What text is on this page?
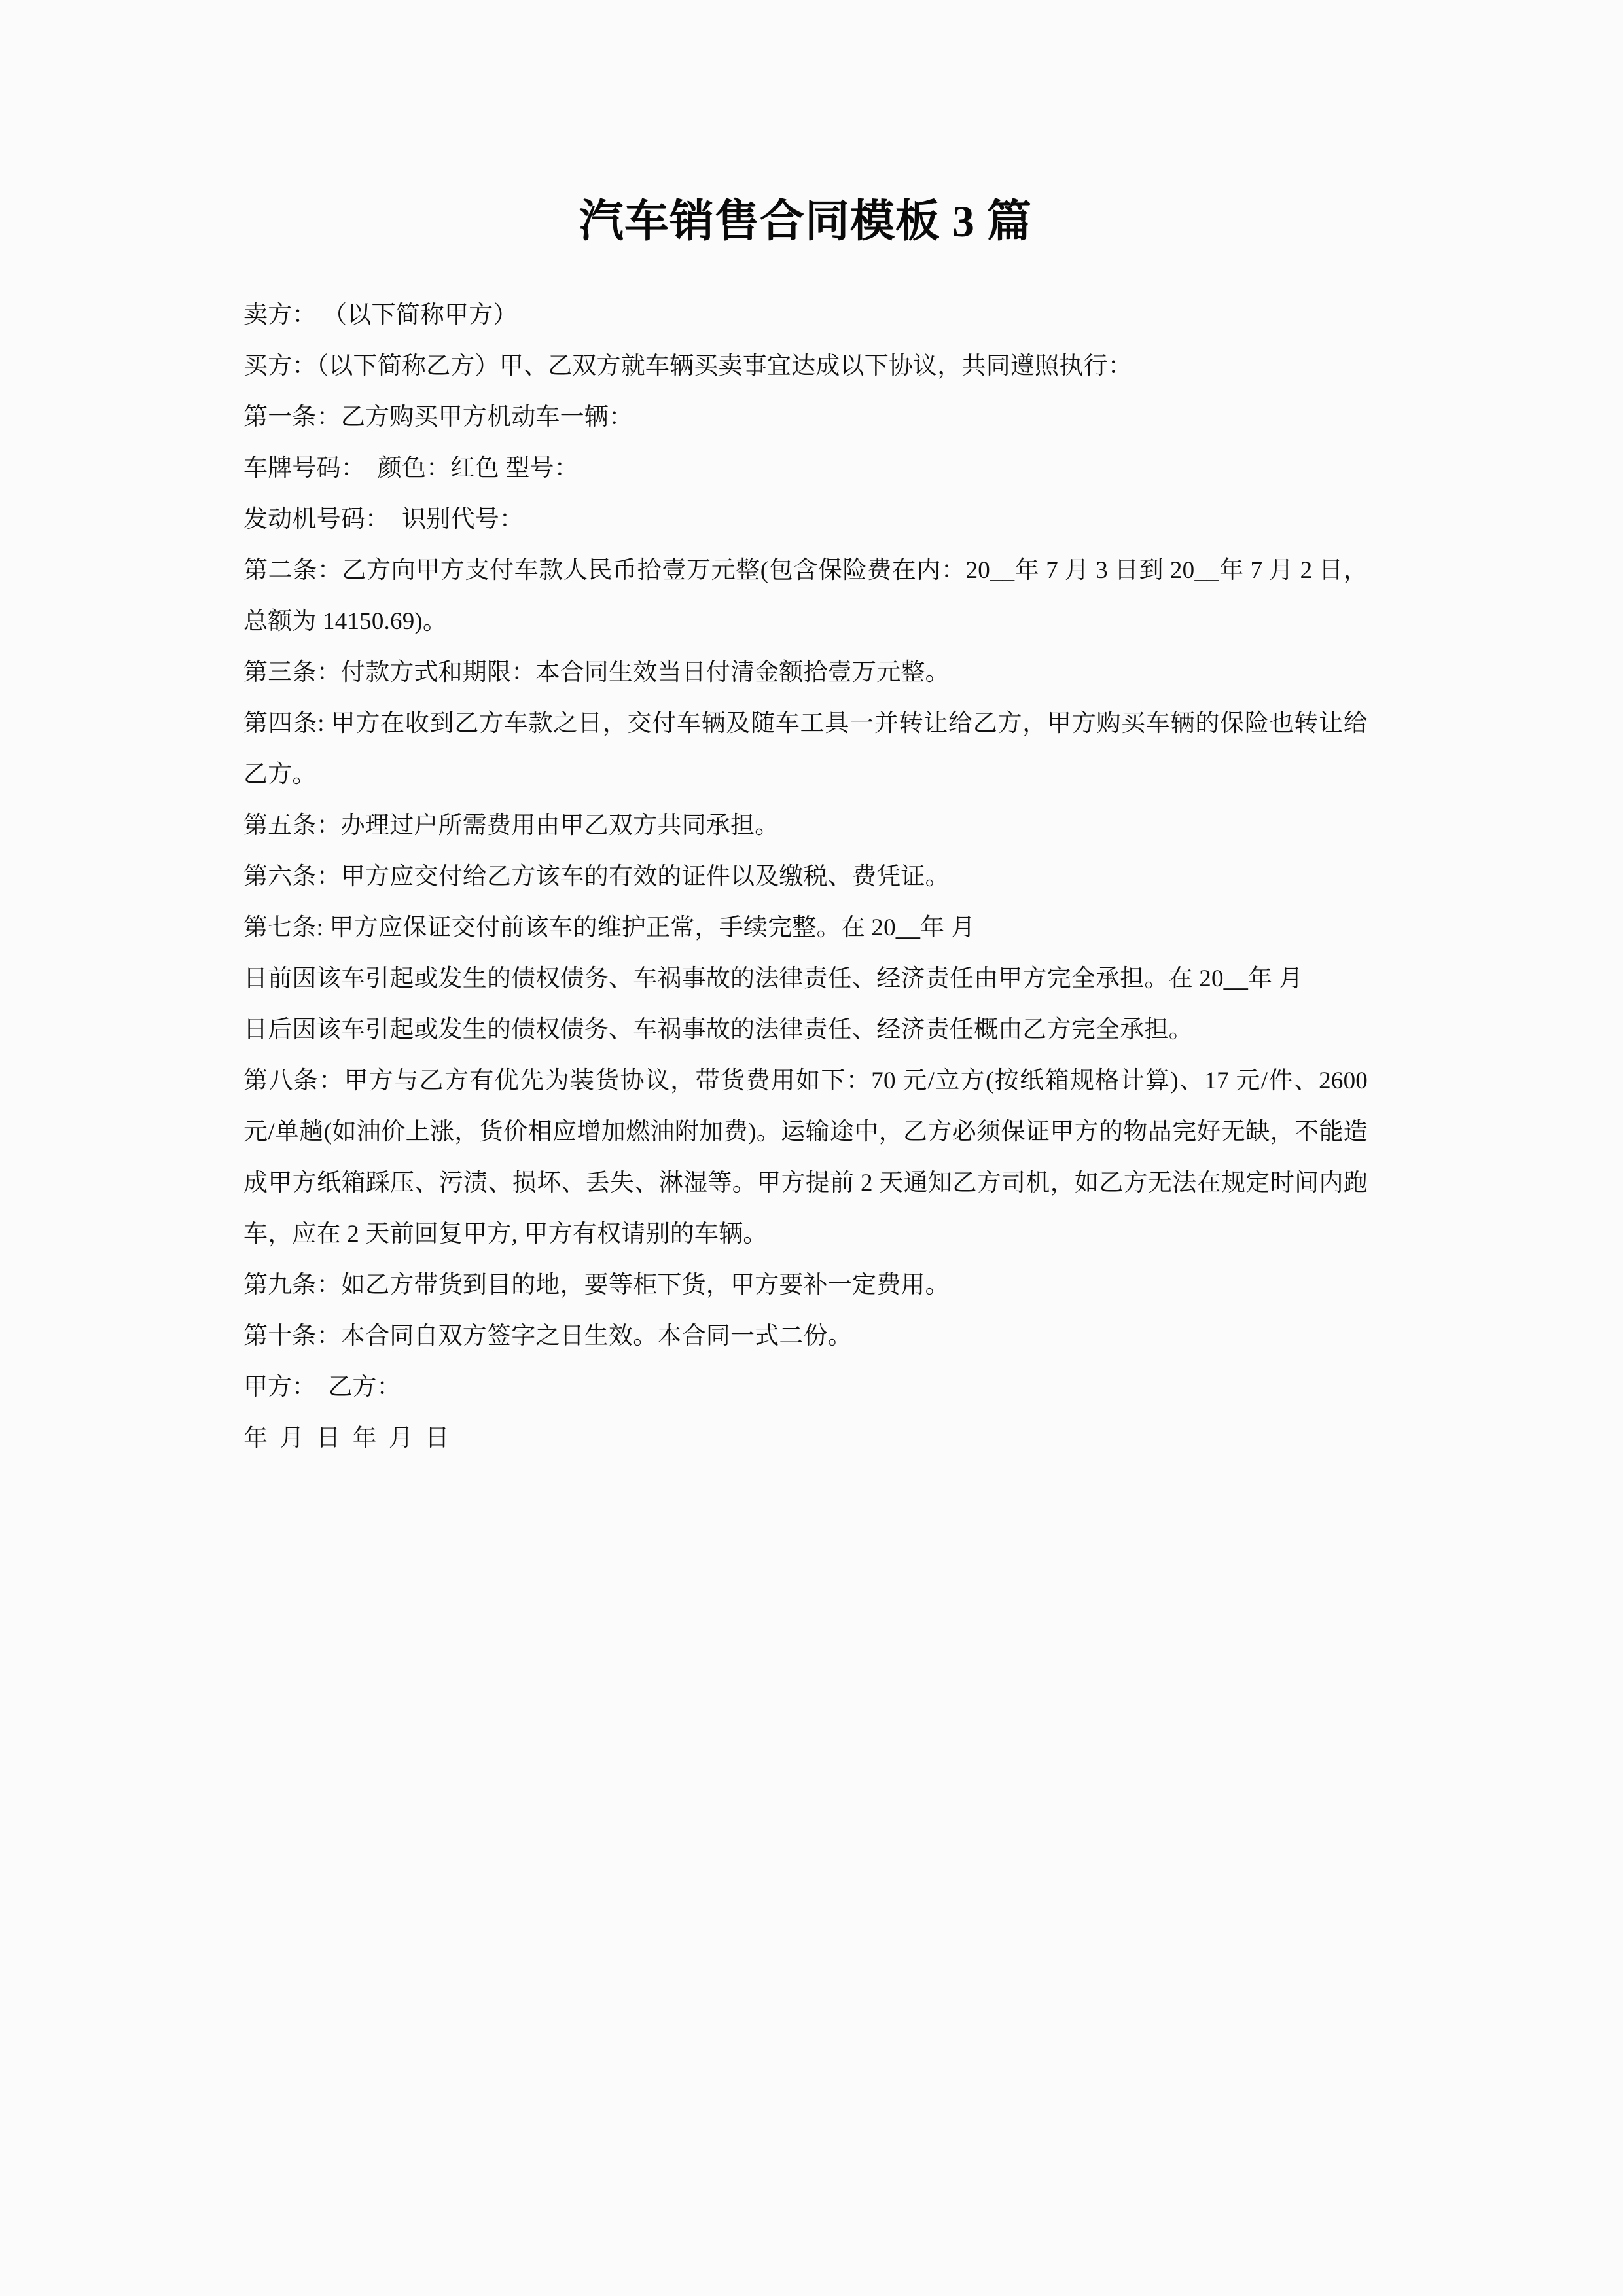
汽车销售合同模板 3 篇

卖方： （以下简称甲方）

买方：（以下简称乙方）甲、乙双方就车辆买卖事宜达成以下协议，共同遵照执行：

第一条：乙方购买甲方机动车一辆：

车牌号码：  颜色：红色 型号：

发动机号码：  识别代号：

第二条：乙方向甲方支付车款人民币拾壹万元整(包含保险费在内：20__年 7 月 3 日到 20__年 7 月 2 日，总额为 14150.69)。

第三条：付款方式和期限：本合同生效当日付清金额拾壹万元整。

第四条: 甲方在收到乙方车款之日，交付车辆及随车工具一并转让给乙方，甲方购买车辆的保险也转让给乙方。

第五条：办理过户所需费用由甲乙双方共同承担。

第六条：甲方应交付给乙方该车的有效的证件以及缴税、费凭证。

第七条: 甲方应保证交付前该车的维护正常，手续完整。在 20__年 月

日前因该车引起或发生的债权债务、车祸事故的法律责任、经济责任由甲方完全承担。在 20__年 月

日后因该车引起或发生的债权债务、车祸事故的法律责任、经济责任概由乙方完全承担。

第八条：甲方与乙方有优先为装货协议，带货费用如下：70 元/立方(按纸箱规格计算)、17 元/件、2600 元/单趟(如油价上涨，货价相应增加燃油附加费)。运输途中，乙方必须保证甲方的物品完好无缺，不能造成甲方纸箱踩压、污渍、损坏、丢失、淋湿等。甲方提前 2 天通知乙方司机，如乙方无法在规定时间内跑车，应在 2 天前回复甲方, 甲方有权请别的车辆。

第九条：如乙方带货到目的地，要等柜下货，甲方要补一定费用。

第十条：本合同自双方签字之日生效。本合同一式二份。

甲方：  乙方：

年  月  日  年  月  日
